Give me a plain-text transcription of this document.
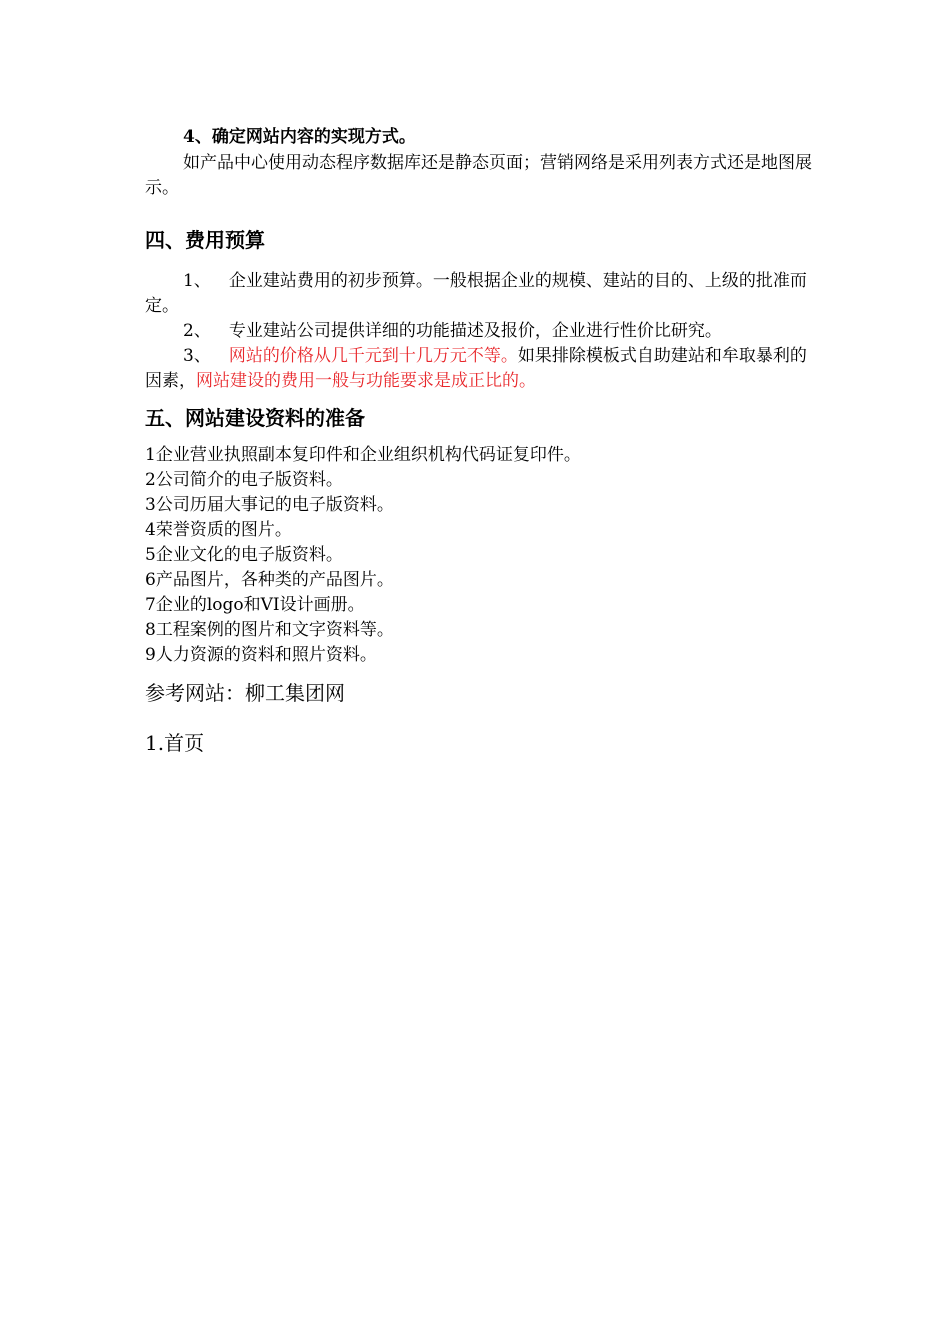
4、确定网站内容的实现方式。
如产品中心使用动态程序数据库还是静态页面；营销网络是采用列表方式还是地图展示。
四、费用预算
1、 企业建站费用的初步预算。一般根据企业的规模、建站的目的、上级的批准而定。
2、 专业建站公司提供详细的功能描述及报价，企业进行性价比研究。
3、 网站的价格从几千元到十几万元不等。如果排除模板式自助建站和牟取暴利的因素，网站建设的费用一般与功能要求是成正比的。
五、网站建设资料的准备
1企业营业执照副本复印件和企业组织机构代码证复印件。
2公司简介的电子版资料。
3公司历届大事记的电子版资料。
4荣誉资质的图片。
5企业文化的电子版资料。
6产品图片，各种类的产品图片。
7企业的logo和VI设计画册。
8工程案例的图片和文字资料等。
9人力资源的资料和照片资料。
参考网站：柳工集团网
1.首页
